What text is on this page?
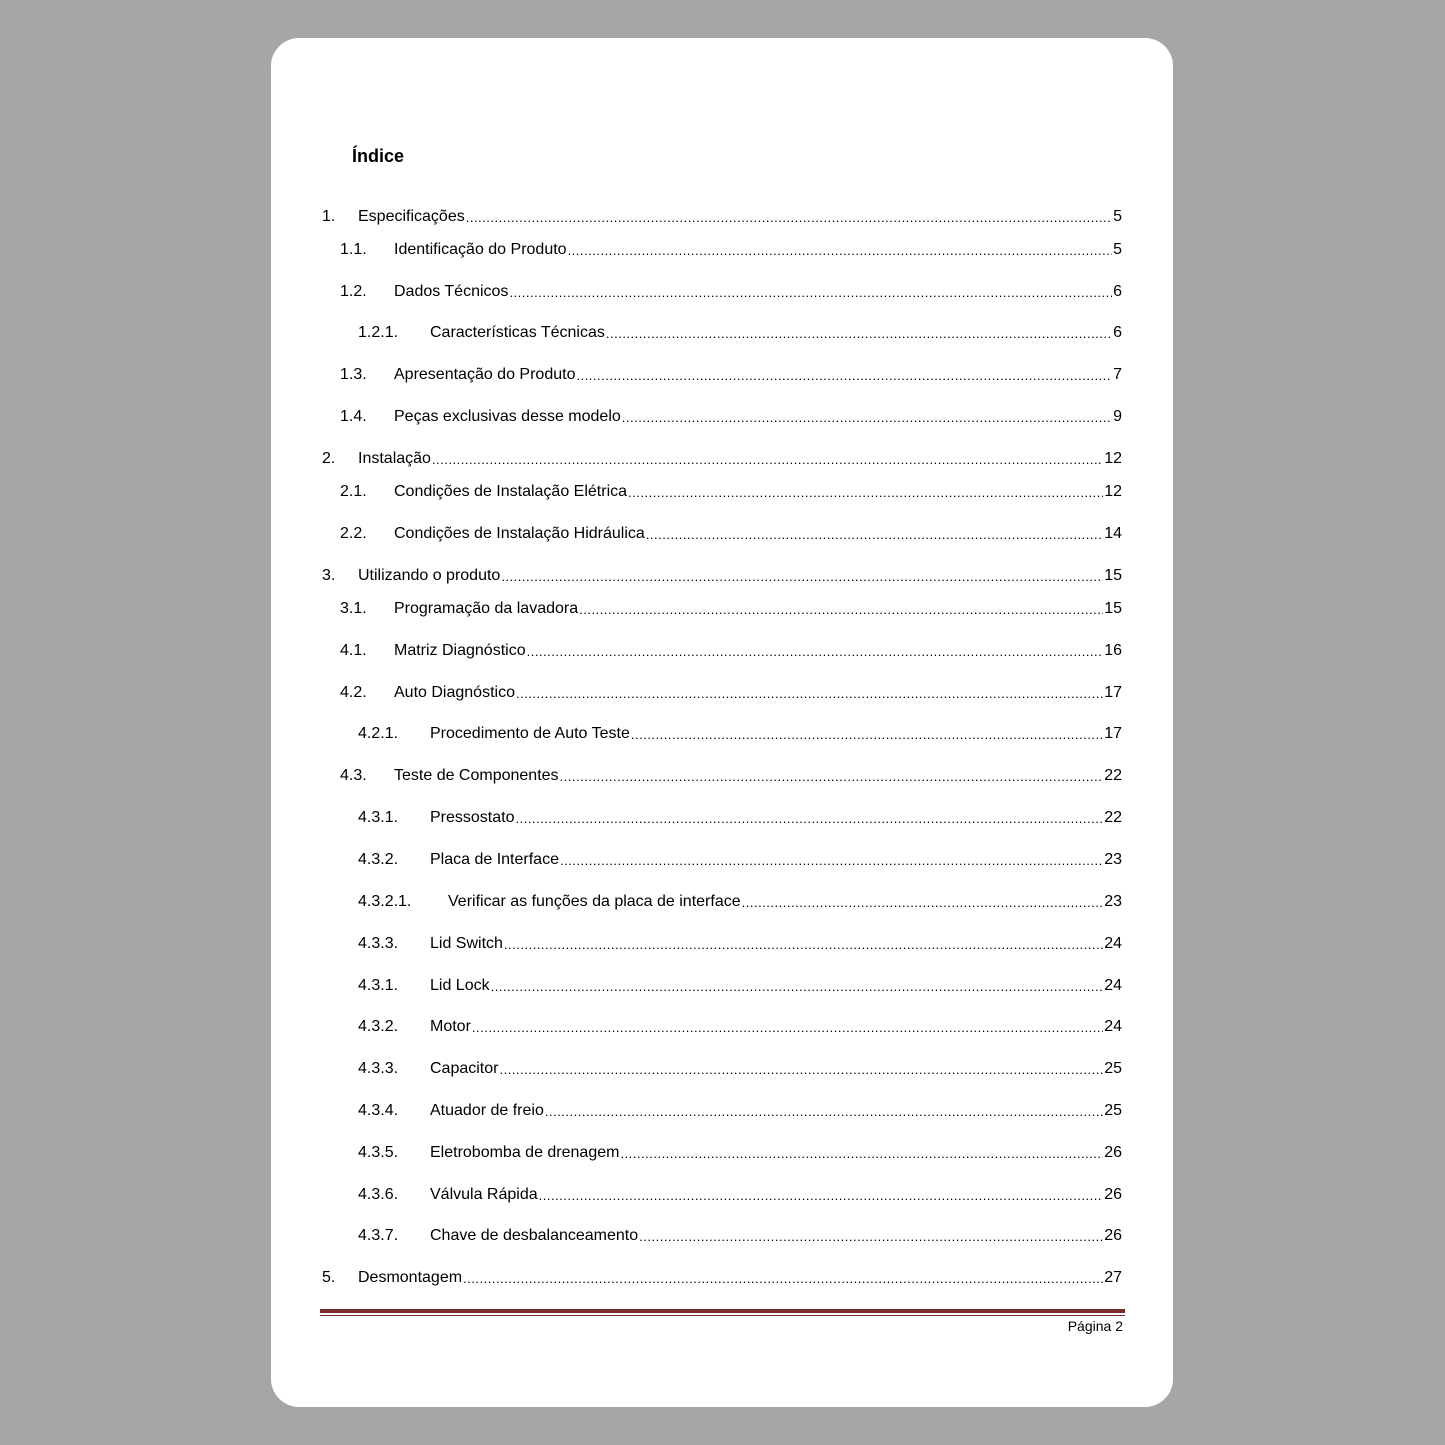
Índice
1.	Especificações .....	5
1.1.	Identificação do Produto .....	5
1.2.	Dados Técnicos .....	6
1.2.1.	Características Técnicas .....	6
1.3.	Apresentação do Produto .....	7
1.4.	Peças exclusivas desse modelo .....	9
2.	Instalação .....	12
2.1.	Condições de Instalação Elétrica .....	12
2.2.	Condições de Instalação Hidráulica .....	14
3.	Utilizando o produto .....	15
3.1.	Programação da lavadora .....	15
4.1.	Matriz Diagnóstico .....	16
4.2.	Auto Diagnóstico .....	17
4.2.1.	Procedimento de Auto Teste .....	17
4.3.	Teste de Componentes .....	22
4.3.1.	Pressostato .....	22
4.3.2.	Placa de Interface .....	23
4.3.2.1.	Verificar as funções da placa de interface .....	23
4.3.3.	Lid Switch .....	24
4.3.1.	Lid Lock .....	24
4.3.2.	Motor .....	24
4.3.3.	Capacitor .....	25
4.3.4.	Atuador de freio .....	25
4.3.5.	Eletrobomba de drenagem .....	26
4.3.6.	Válvula Rápida .....	26
4.3.7.	Chave de desbalanceamento .....	26
5.	Desmontagem .....	27
Página 2
